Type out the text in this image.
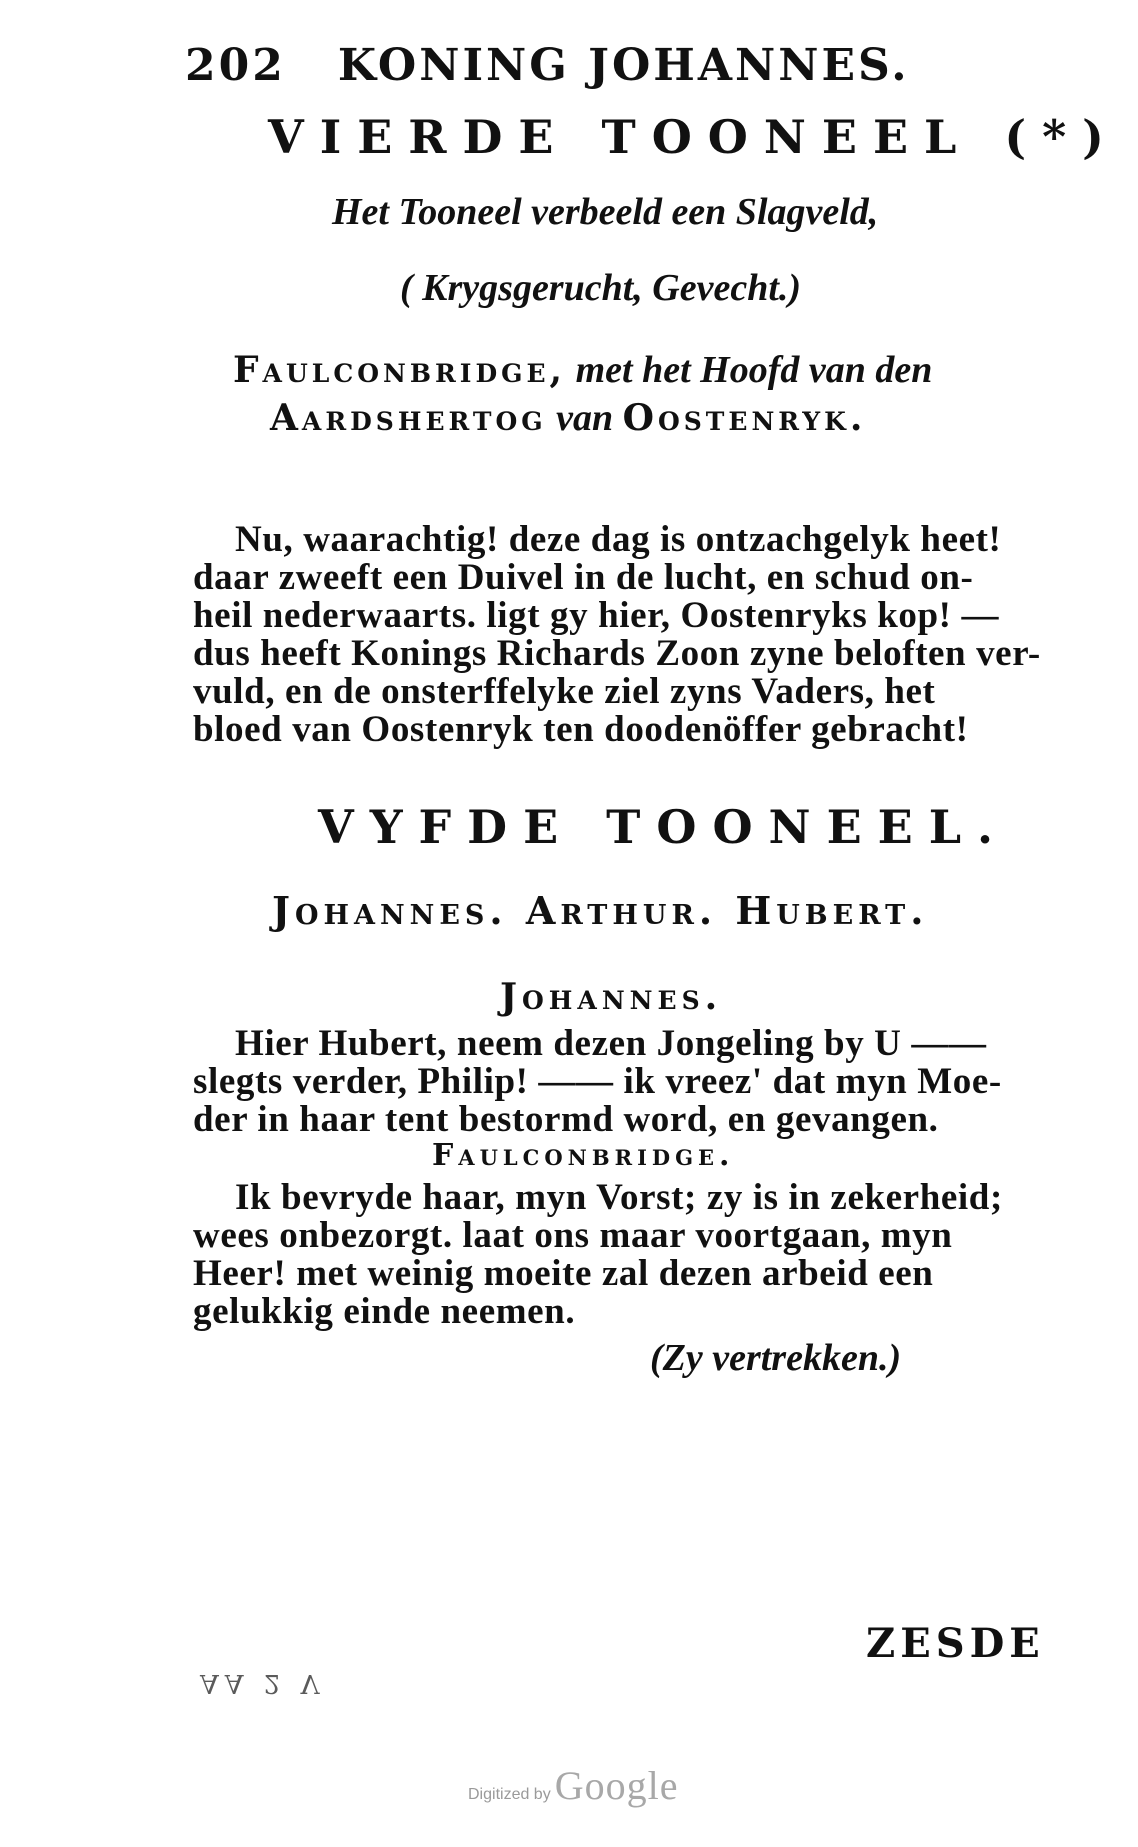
202 KONING JOHANNES.
VIERDE TOONEEL (*)
Het Tooneel verbeeld een Slagveld,
( Krygsgerucht, Gevecht.)
Faulconbridge, met het Hoofd van den
Aardshertog van Oostenryk.
Nu, waarachtig! deze dag is ontzachgelyk heet!
daar zweeft een Duivel in de lucht, en schud on-
heil nederwaarts. ligt gy hier, Oostenryks kop! —
dus heeft Konings Richards Zoon zyne beloften ver-
vuld, en de onsterffelyke ziel zyns Vaders, het
bloed van Oostenryk ten doodenöffer gebracht!
VYFDE TOONEEL.
Johannes. Arthur. Hubert.
Johannes.
Hier Hubert, neem dezen Jongeling by U ——
slegts verder, Philip! —— ik vreez' dat myn Moe-
der in haar tent bestormd word, en gevangen.
Faulconbridge.
Ik bevryde haar, myn Vorst; zy is in zekerheid;
wees onbezorgt. laat ons maar voortgaan, myn
Heer! met weinig moeite zal dezen arbeid een
gelukkig einde neemen.
(Zy vertrekken.)
ZESDE
AA 2 V
Digitized by Google
